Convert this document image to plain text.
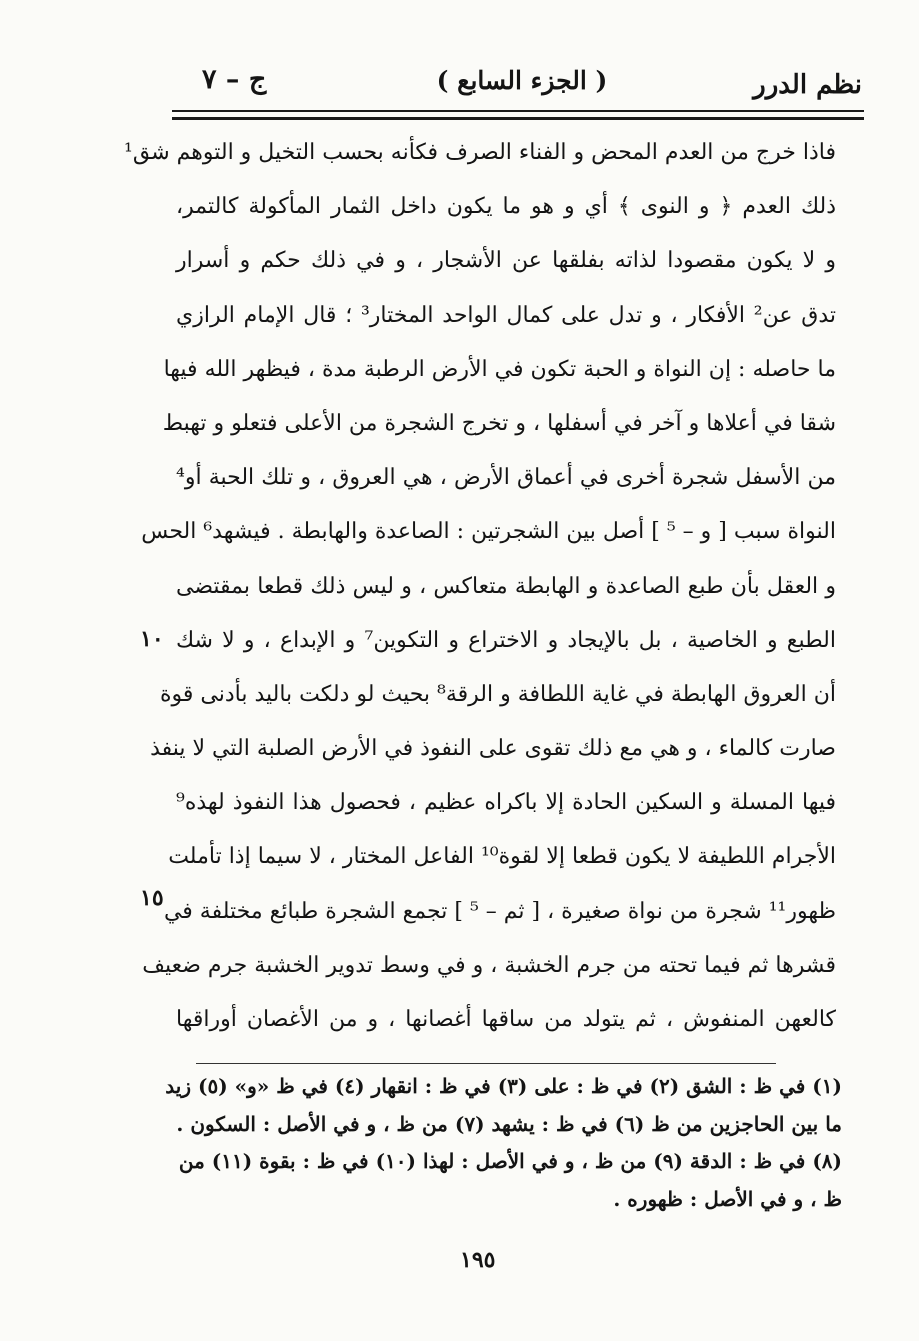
نظم الدرر
( الجزء السابع )
ج – ٧
فاذا خرج من العدم المحض و الفناء الصرف فكأنه بحسب التخيل و التوهم شق¹
ذلك العدم ﴿ و النوى ﴾ أي و هو ما يكون داخل الثمار المأكولة كالتمر،
و لا يكون مقصودا لذاته بفلقها عن الأشجار ، و في ذلك حكم و أسرار
تدق عن² الأفكار ، و تدل على كمال الواحد المختار³ ؛ قال الإمام الرازي
ما حاصله : إن النواة و الحبة تكون في الأرض الرطبة مدة ، فيظهر الله فيها
شقا في أعلاها و آخر في أسفلها ، و تخرج الشجرة من الأعلى فتعلو و تهبط
من الأسفل شجرة أخرى في أعماق الأرض ، هي العروق ، و تلك الحبة أو⁴
النواة سبب [ و – ⁵ ] أصل بين الشجرتين : الصاعدة والهابطة . فيشهد⁶ الحس
و العقل بأن طبع الصاعدة و الهابطة متعاكس ، و ليس ذلك قطعا بمقتضى
الطبع و الخاصية ، بل بالإيجاد و الاختراع و التكوين⁷ و الإبداع ، و لا شك
أن العروق الهابطة في غاية اللطافة و الرقة⁸ بحيث لو دلكت باليد بأدنى قوة
صارت كالماء ، و هي مع ذلك تقوى على النفوذ في الأرض الصلبة التي لا ينفذ
فيها المسلة و السكين الحادة إلا باكراه عظيم ، فحصول هذا النفوذ لهذه⁹
الأجرام اللطيفة لا يكون قطعا إلا لقوة¹⁰ الفاعل المختار ، لا سيما إذا تأملت
ظهور¹¹ شجرة من نواة صغيرة ، [ ثم – ⁵ ] تجمع الشجرة طبائع مختلفة في
قشرها ثم فيما تحته من جرم الخشبة ، و في وسط تدوير الخشبة جرم ضعيف
كالعهن المنفوش ، ثم يتولد من ساقها أغصانها ، و من الأغصان أوراقها
١٠
١٥
(١) في ظ : الشق (٢) في ظ : على (٣) في ظ : انقهار (٤) في ظ «و» (٥) زيد
ما بين الحاجزين من ظ (٦) في ظ : يشهد (٧) من ظ ، و في الأصل : السكون .
(٨) في ظ : الدقة (٩) من ظ ، و في الأصل : لهذا (١٠) في ظ : بقوة (١١) من
ظ ، و في الأصل : ظهوره .
١٩٥
